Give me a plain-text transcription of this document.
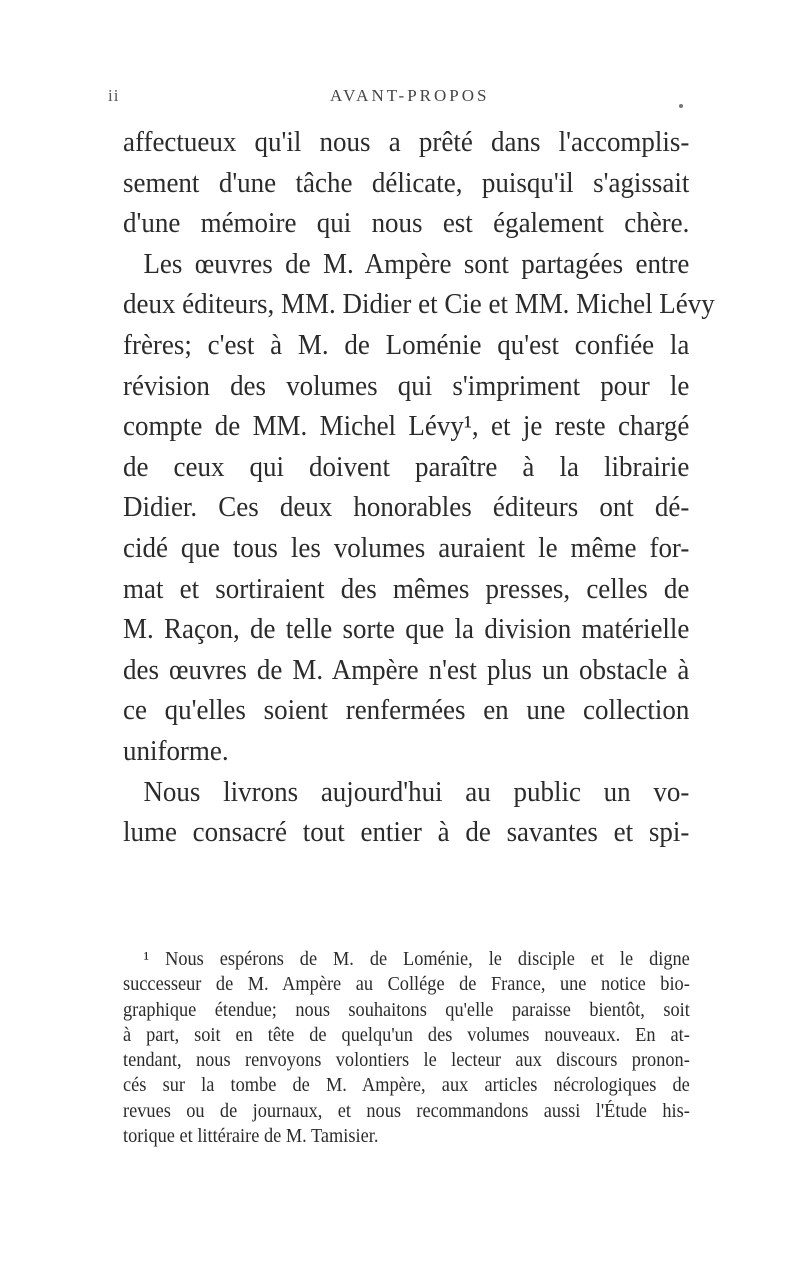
ii	AVANT-PROPOS
affectueux qu'il nous a prêté dans l'accomplis-
sement d'une tâche délicate, puisqu'il s'agissait
d'une mémoire qui nous est également chère.
Les œuvres de M. Ampère sont partagées entre
deux éditeurs, MM. Didier et Cie et MM. Michel Lévy
frères; c'est à M. de Loménie qu'est confiée la
révision des volumes qui s'impriment pour le
compte de MM. Michel Lévy¹, et je reste chargé
de ceux qui doivent paraître à la librairie
Didier. Ces deux honorables éditeurs ont dé-
cidé que tous les volumes auraient le même for-
mat et sortiraient des mêmes presses, celles de
M. Raçon, de telle sorte que la division matérielle
des œuvres de M. Ampère n'est plus un obstacle à
ce qu'elles soient renfermées en une collection
uniforme.
Nous livrons aujourd'hui au public un vo-
lume consacré tout entier à de savantes et spi-
¹ Nous espérons de M. de Loménie, le disciple et le digne
successeur de M. Ampère au Collége de France, une notice bio-
graphique étendue; nous souhaitons qu'elle paraisse bientôt, soit
à part, soit en tête de quelqu'un des volumes nouveaux. En at-
tendant, nous renvoyons volontiers le lecteur aux discours pronon-
cés sur la tombe de M. Ampère, aux articles nécrologiques de
revues ou de journaux, et nous recommandons aussi l'Étude his-
torique et littéraire de M. Tamisier.
